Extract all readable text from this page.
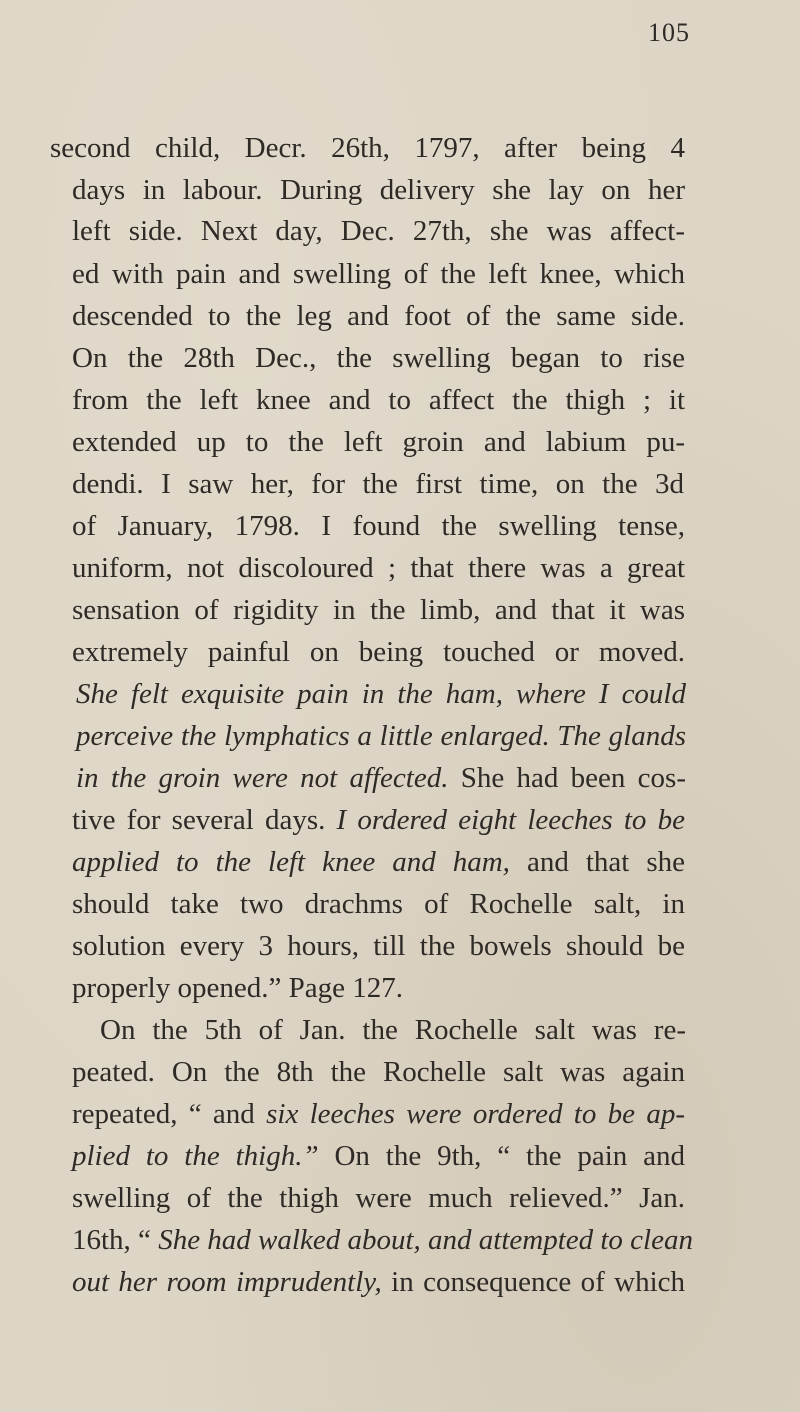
105
second child, Decr. 26th, 1797, after being 4
days in labour. During delivery she lay on her
left side. Next day, Dec. 27th, she was affect-
ed with pain and swelling of the left knee, which
descended to the leg and foot of the same side.
On the 28th Dec., the swelling began to rise
from the left knee and to affect the thigh ; it
extended up to the left groin and labium pu-
dendi. I saw her, for the first time, on the 3d
of January, 1798. I found the swelling tense,
uniform, not discoloured ; that there was a great
sensation of rigidity in the limb, and that it was
extremely painful on being touched or moved.
She felt exquisite pain in the ham, where I could
perceive the lymphatics a little enlarged. The glands
in the groin were not affected. She had been cos-
tive for several days. I ordered eight leeches to be
applied to the left knee and ham, and that she
should take two drachms of Rochelle salt, in
solution every 3 hours, till the bowels should be
properly opened.” Page 127.
On the 5th of Jan. the Rochelle salt was re-
peated. On the 8th the Rochelle salt was again
repeated, “ and six leeches were ordered to be ap-
plied to the thigh.” On the 9th, “ the pain and
swelling of the thigh were much relieved.” Jan.
16th, “ She had walked about, and attempted to clean
out her room imprudently, in consequence of which
